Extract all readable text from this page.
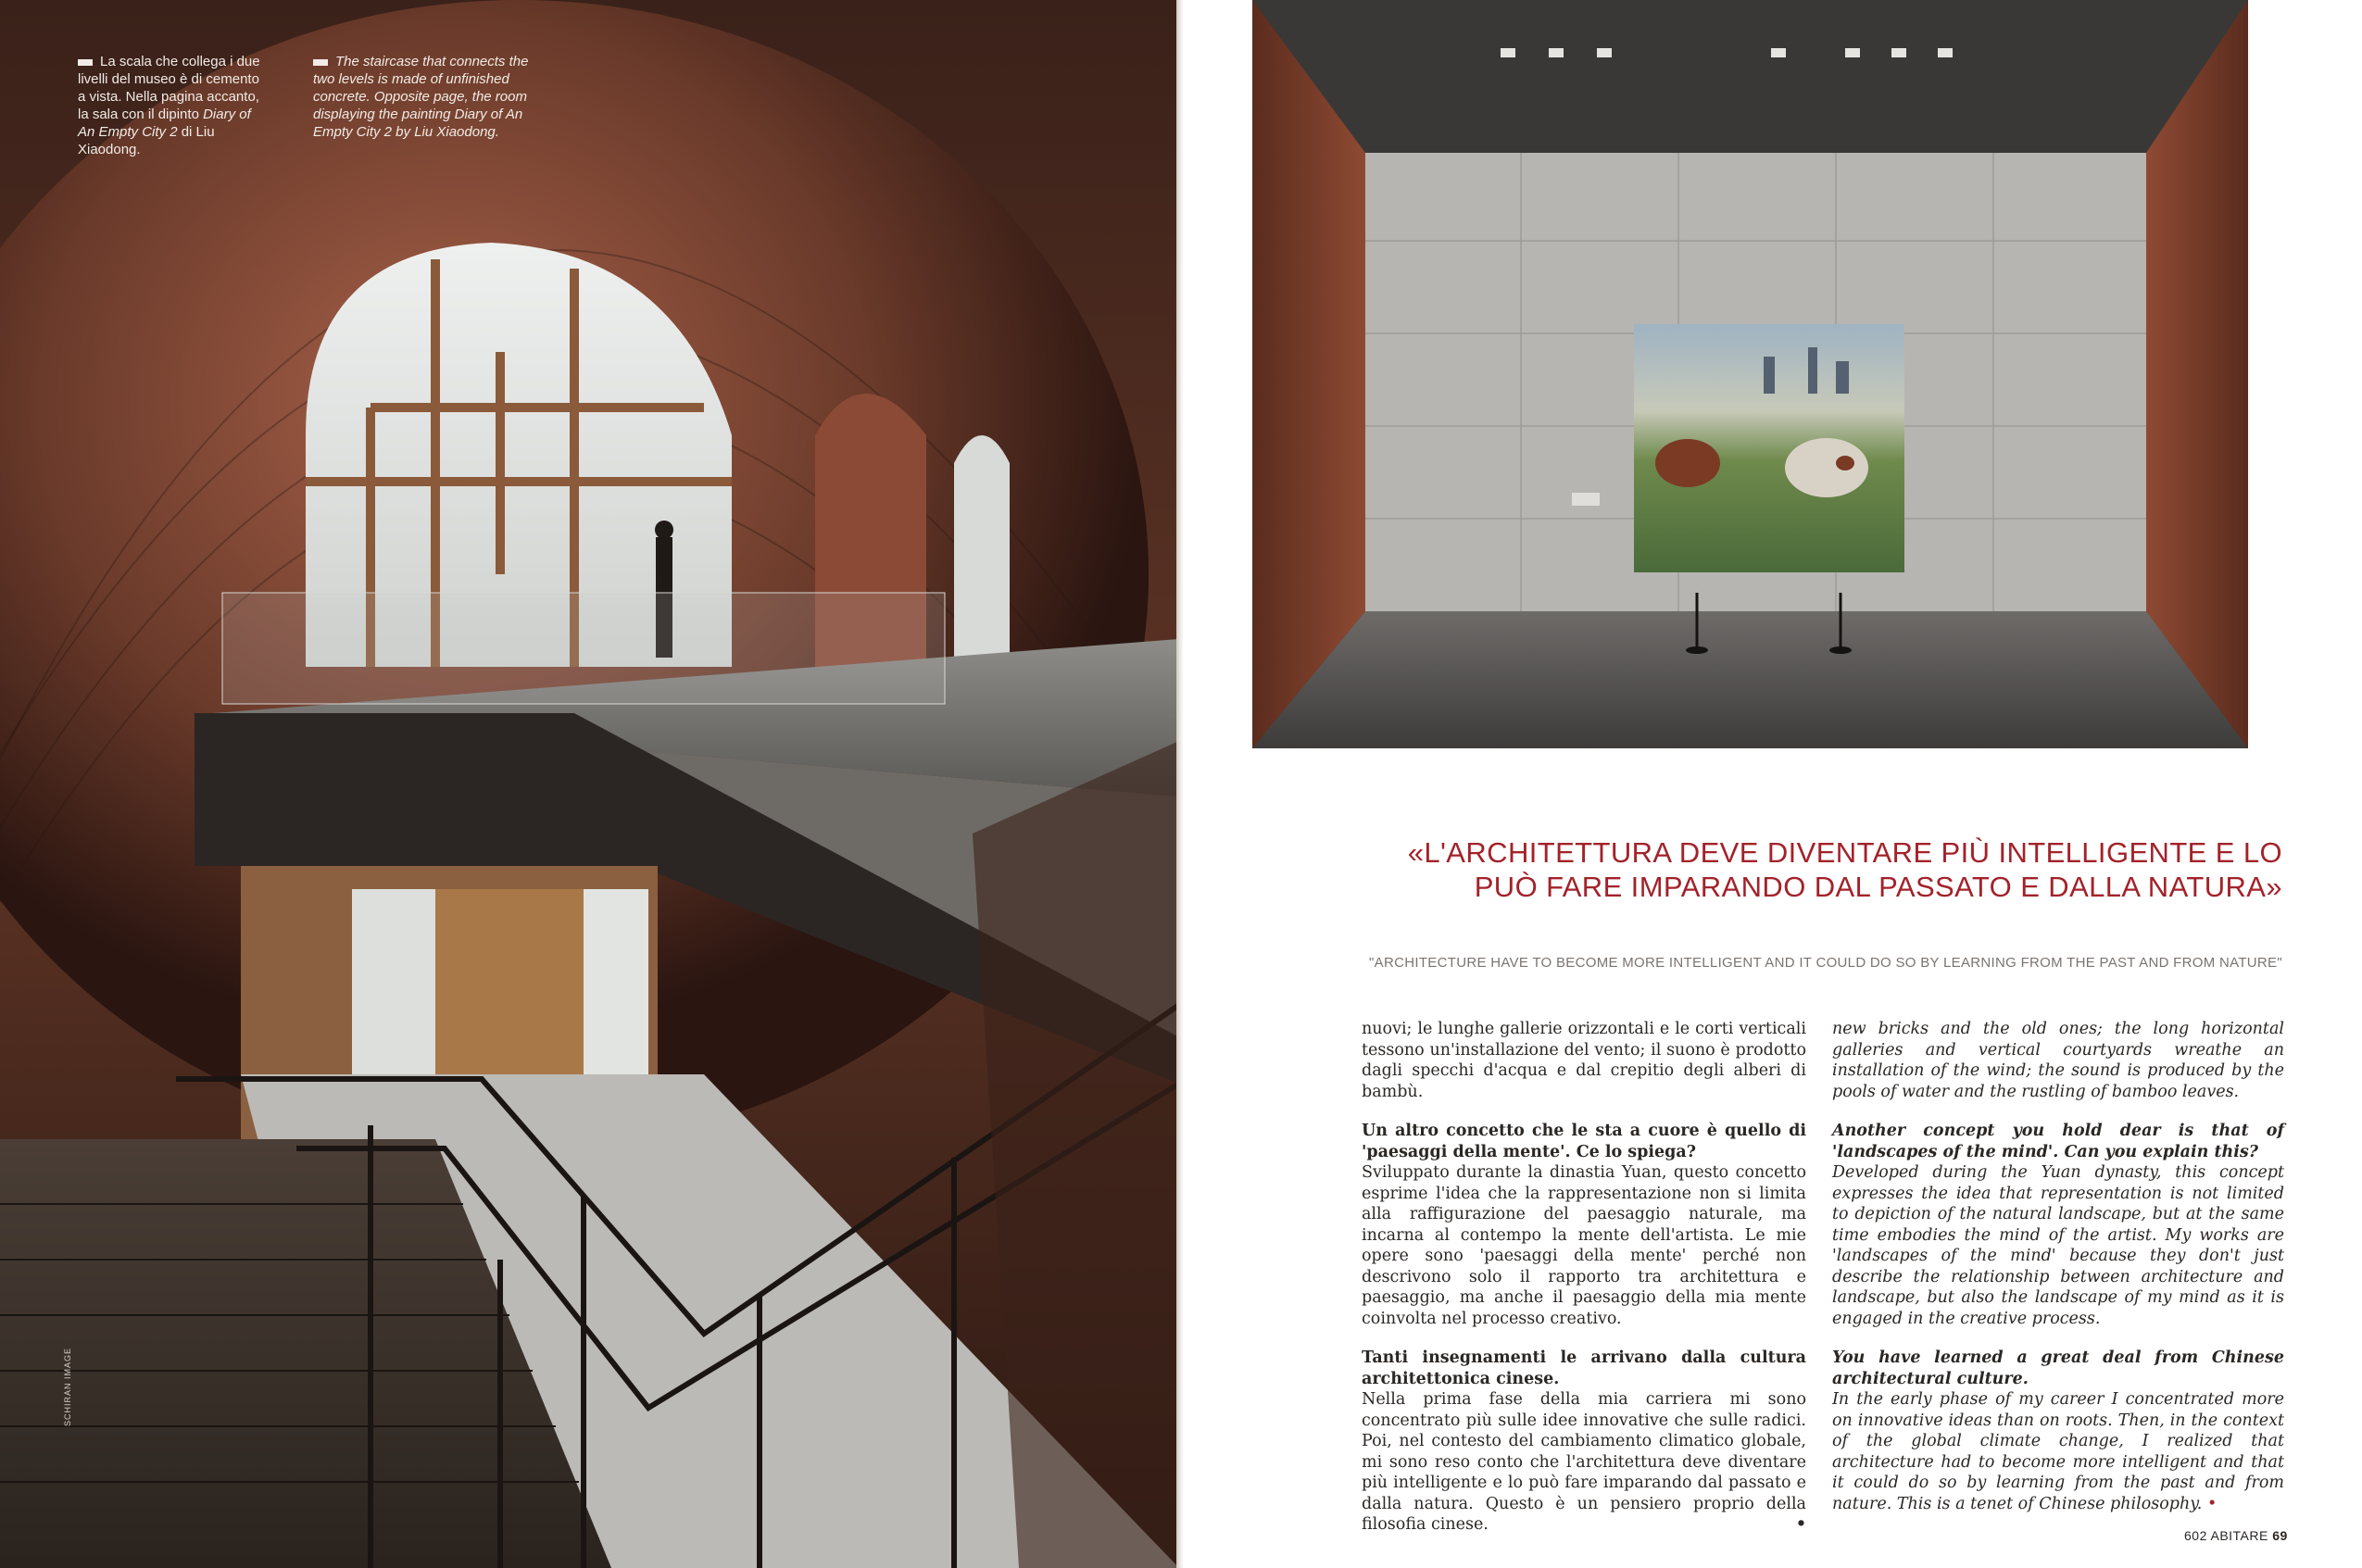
La scala che collega i due livelli del museo è di cemento a vista. Nella pagina accanto, la sala con il dipinto Diary of An Empty City 2 di Liu Xiaodong.
The staircase that connects the two levels is made of unfinished concrete. Opposite page, the room displaying the painting Diary of An Empty City 2 by Liu Xiaodong.
SCHIRAN IMAGE
«L'ARCHITETTURA DEVE DIVENTARE PIÙ INTELLIGENTE E LO PUÒ FARE IMPARANDO DAL PASSATO E DALLA NATURA»
"ARCHITECTURE HAVE TO BECOME MORE INTELLIGENT AND IT COULD DO SO BY LEARNING FROM THE PAST AND FROM NATURE"

nuovi; le lunghe gallerie orizzontali e le corti verticali tessono un'installazione del vento; il suono è prodotto dagli specchi d'acqua e dal crepitio degli alberi di bambù.

Un altro concetto che le sta a cuore è quello di 'paesaggi della mente'. Ce lo spiega?
Sviluppato durante la dinastia Yuan, questo concetto esprime l'idea che la rappresentazione non si limita alla raffigurazione del paesaggio naturale, ma incarna al contempo la mente dell'artista. Le mie opere sono 'paesaggi della mente' perché non descrivono solo il rapporto tra architettura e paesaggio, ma anche il paesaggio della mia mente coinvolta nel processo creativo.

Tanti insegnamenti le arrivano dalla cultura architettonica cinese.
Nella prima fase della mia carriera mi sono concentrato più sulle idee innovative che sulle radici. Poi, nel contesto del cambiamento climatico globale, mi sono reso conto che l'architettura deve diventare più intelligente e lo può fare imparando dal passato e dalla natura. Questo è un pensiero proprio della filosofia cinese.	•

new bricks and the old ones; the long horizontal galleries and vertical courtyards wreathe an installation of the wind; the sound is produced by the pools of water and the rustling of bamboo leaves.

Another concept you hold dear is that of 'landscapes of the mind'. Can you explain this?
Developed during the Yuan dynasty, this concept expresses the idea that representation is not limited to depiction of the natural landscape, but at the same time embodies the mind of the artist. My works are 'landscapes of the mind' because they don't just describe the relationship between architecture and landscape, but also the landscape of my mind as it is engaged in the creative process.

You have learned a great deal from Chinese architectural culture.
In the early phase of my career I concentrated more on innovative ideas than on roots. Then, in the context of the global climate change, I realized that architecture had to become more intelligent and that it could do so by learning from the past and from nature. This is a tenet of Chinese philosophy. •

602 ABITARE 69
